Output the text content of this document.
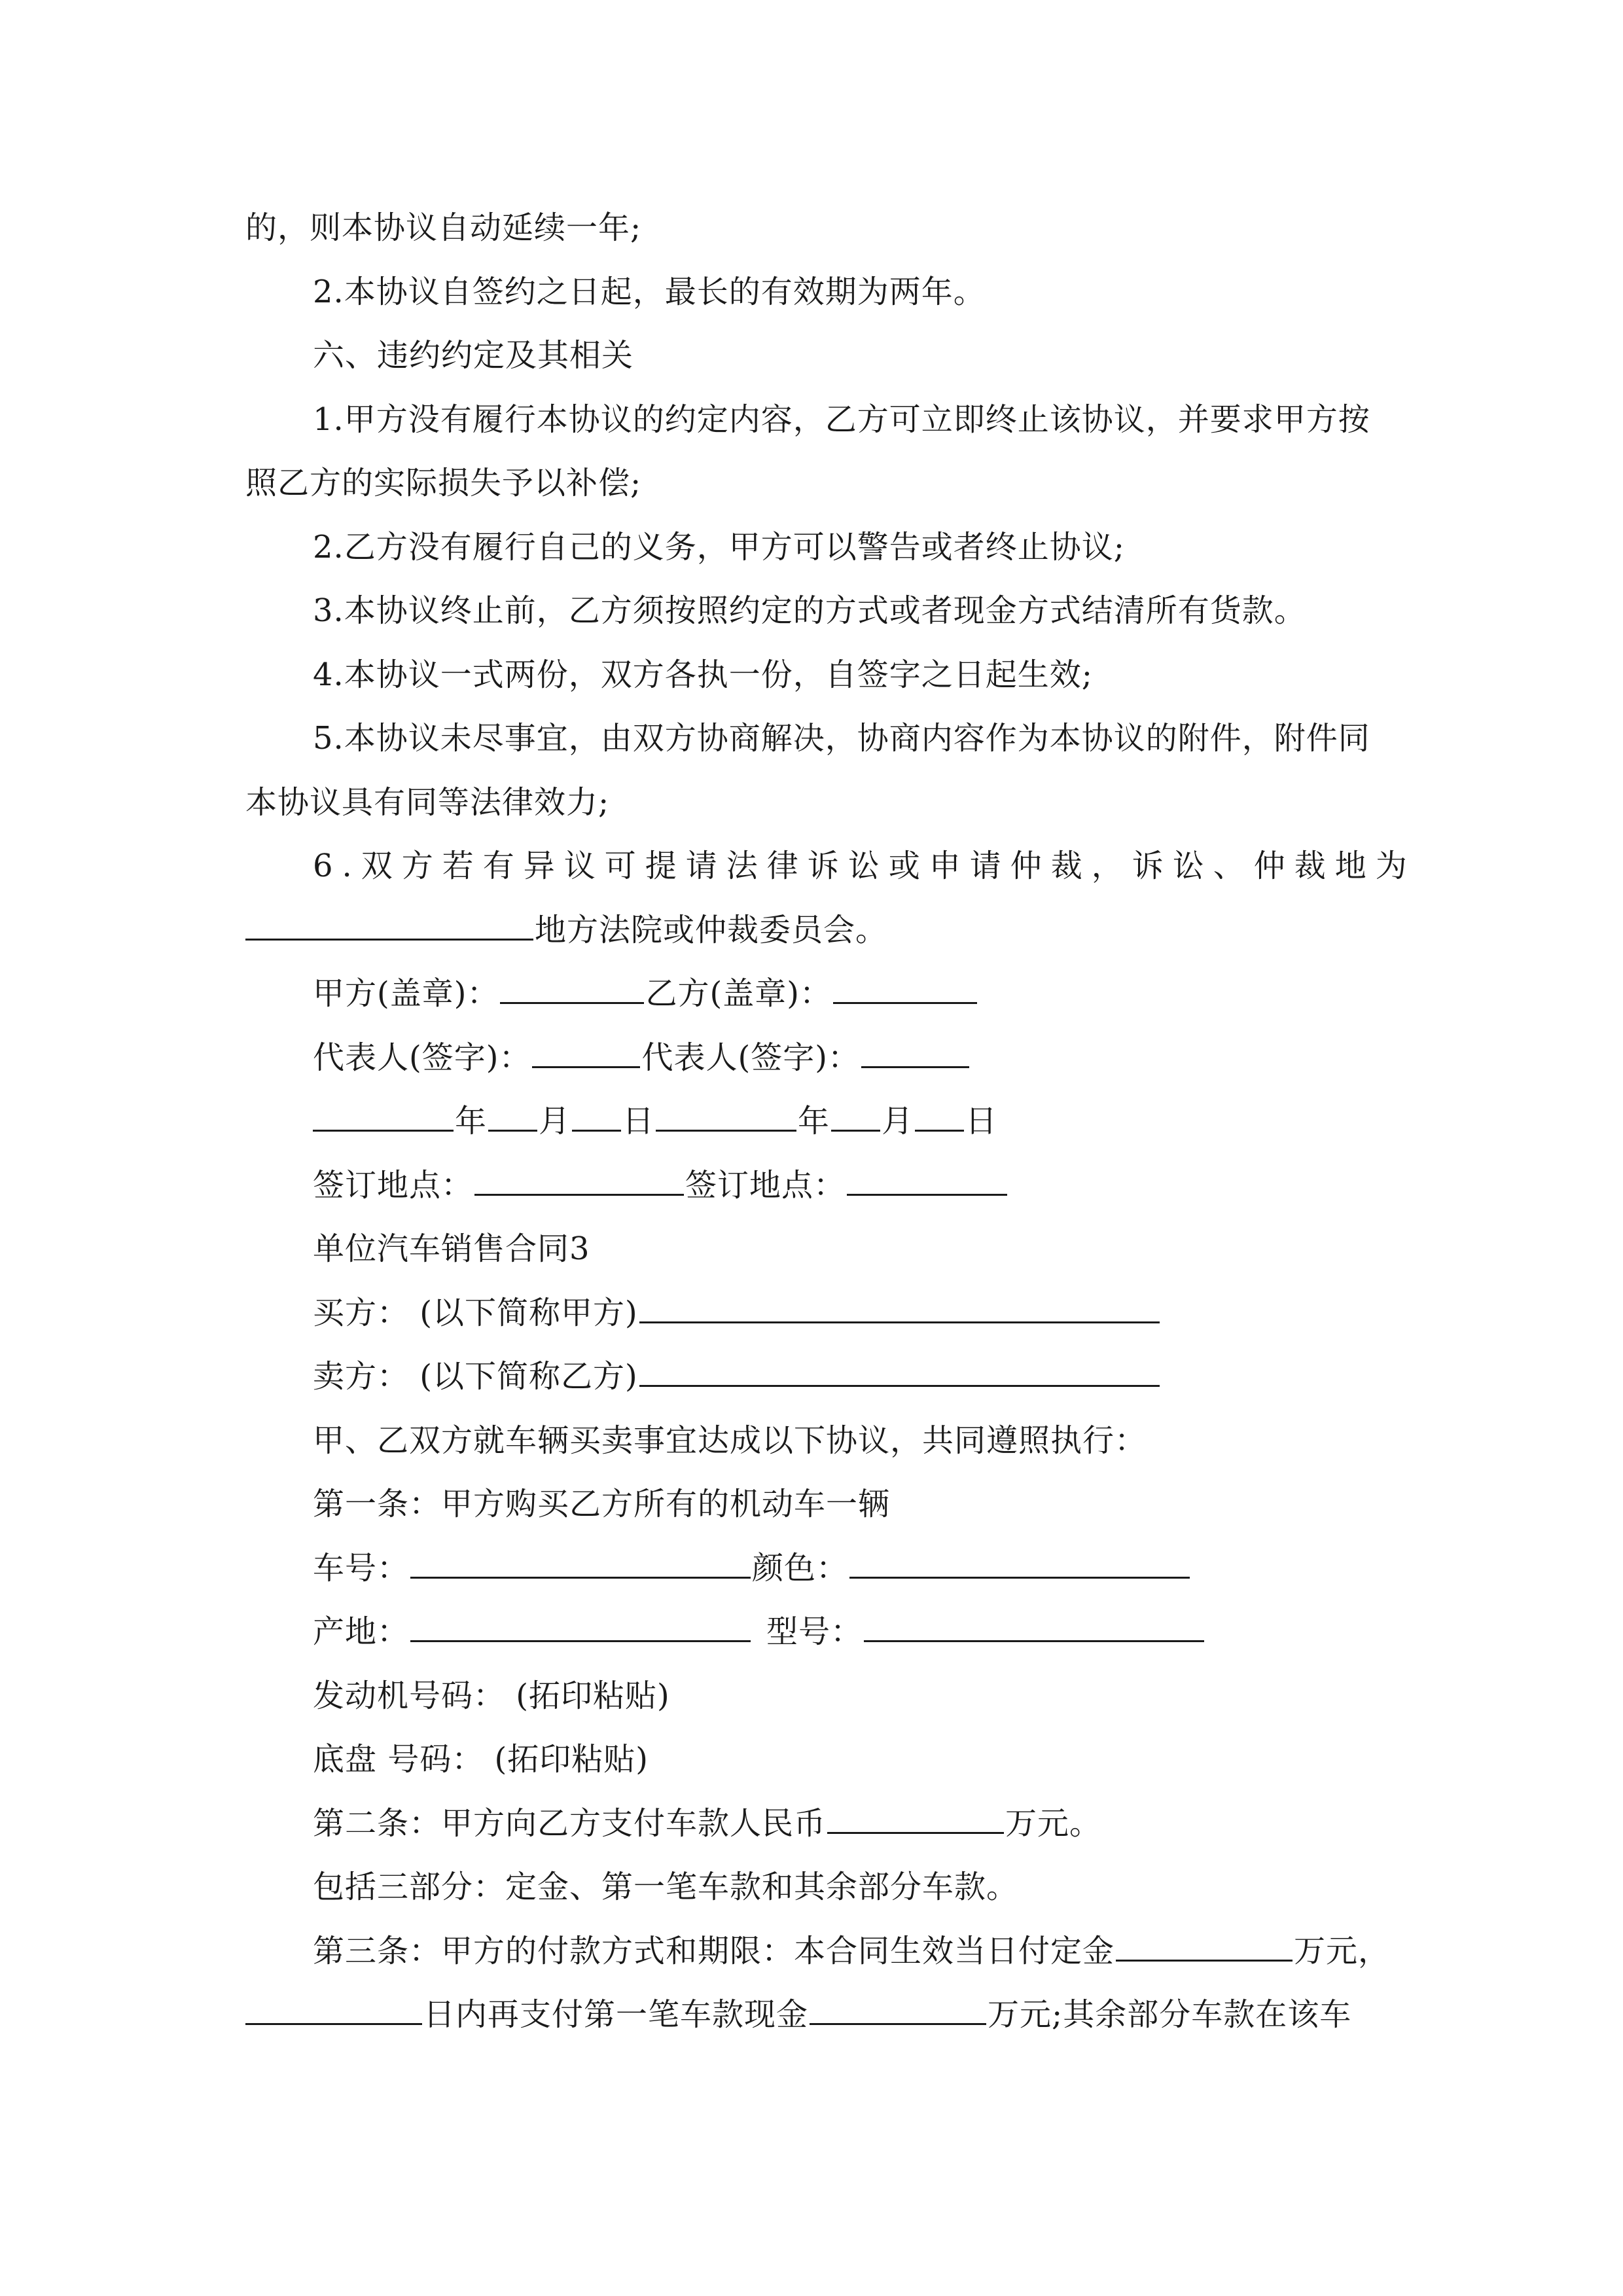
的，则本协议自动延续一年;
2.本协议自签约之日起，最长的有效期为两年。
六、违约约定及其相关
1.甲方没有履行本协议的约定内容，乙方可立即终止该协议，并要求甲方按
照乙方的实际损失予以补偿;
2.乙方没有履行自己的义务，甲方可以警告或者终止协议;
3.本协议终止前，乙方须按照约定的方式或者现金方式结清所有货款。
4.本协议一式两份，双方各执一份，自签字之日起生效;
5.本协议未尽事宜，由双方协商解决，协商内容作为本协议的附件，附件同
本协议具有同等法律效力;
6.双方若有异议可提请法律诉讼或申请仲裁，诉讼、仲裁地为
地方法院或仲裁委员会。
甲方(盖章)：	乙方(盖章)：
代表人(签字)：	代表人(签字)：
年 月 日	年 月 日
签订地点：	签订地点：
单位汽车销售合同3
买方： (以下简称甲方)
卖方： (以下简称乙方)
甲、乙双方就车辆买卖事宜达成以下协议，共同遵照执行：
第一条：甲方购买乙方所有的机动车一辆
车号：	颜色：
产地：	型号：
发动机号码： (拓印粘贴)
底盘 号码： (拓印粘贴)
第二条：甲方向乙方支付车款人民币	万元。
包括三部分：定金、第一笔车款和其余部分车款。
第三条：甲方的付款方式和期限：本合同生效当日付定金	万元，
日内再支付第一笔车款现金	万元;其余部分车款在该车
